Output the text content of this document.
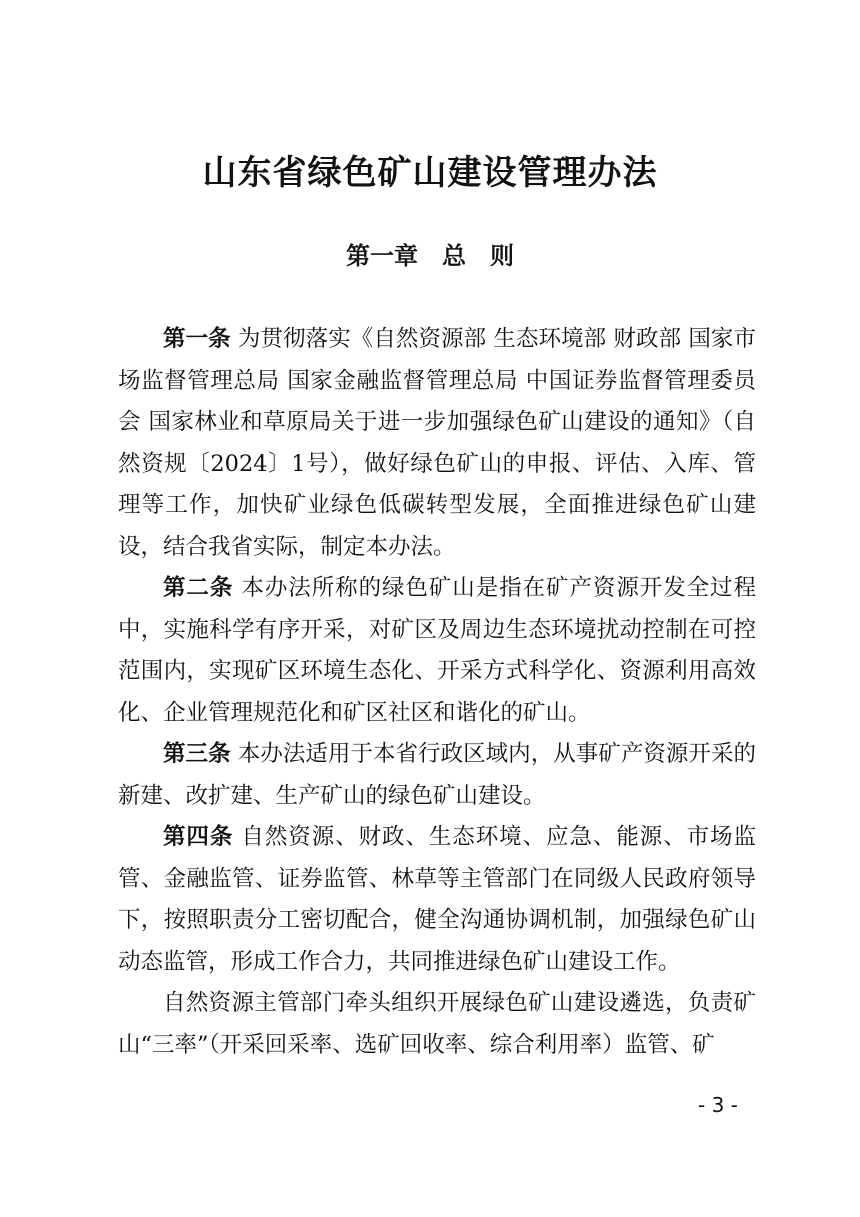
山东省绿色矿山建设管理办法
第一章　总　则

第一条 为贯彻落实《自然资源部 生态环境部 财政部 国家市场监督管理总局 国家金融监督管理总局 中国证券监督管理委员会 国家林业和草原局关于进一步加强绿色矿山建设的通知》（自然资规〔2024〕1号），做好绿色矿山的申报、评估、入库、管理等工作，加快矿业绿色低碳转型发展，全面推进绿色矿山建设，结合我省实际，制定本办法。

第二条 本办法所称的绿色矿山是指在矿产资源开发全过程中，实施科学有序开采，对矿区及周边生态环境扰动控制在可控范围内，实现矿区环境生态化、开采方式科学化、资源利用高效化、企业管理规范化和矿区社区和谐化的矿山。

第三条 本办法适用于本省行政区域内，从事矿产资源开采的新建、改扩建、生产矿山的绿色矿山建设。

第四条 自然资源、财政、生态环境、应急、能源、市场监管、金融监管、证券监管、林草等主管部门在同级人民政府领导下，按照职责分工密切配合，健全沟通协调机制，加强绿色矿山动态监管，形成工作合力，共同推进绿色矿山建设工作。

自然资源主管部门牵头组织开展绿色矿山建设遴选，负责矿山“三率”（开采回采率、选矿回收率、综合利用率）监管、矿

- 3 -
